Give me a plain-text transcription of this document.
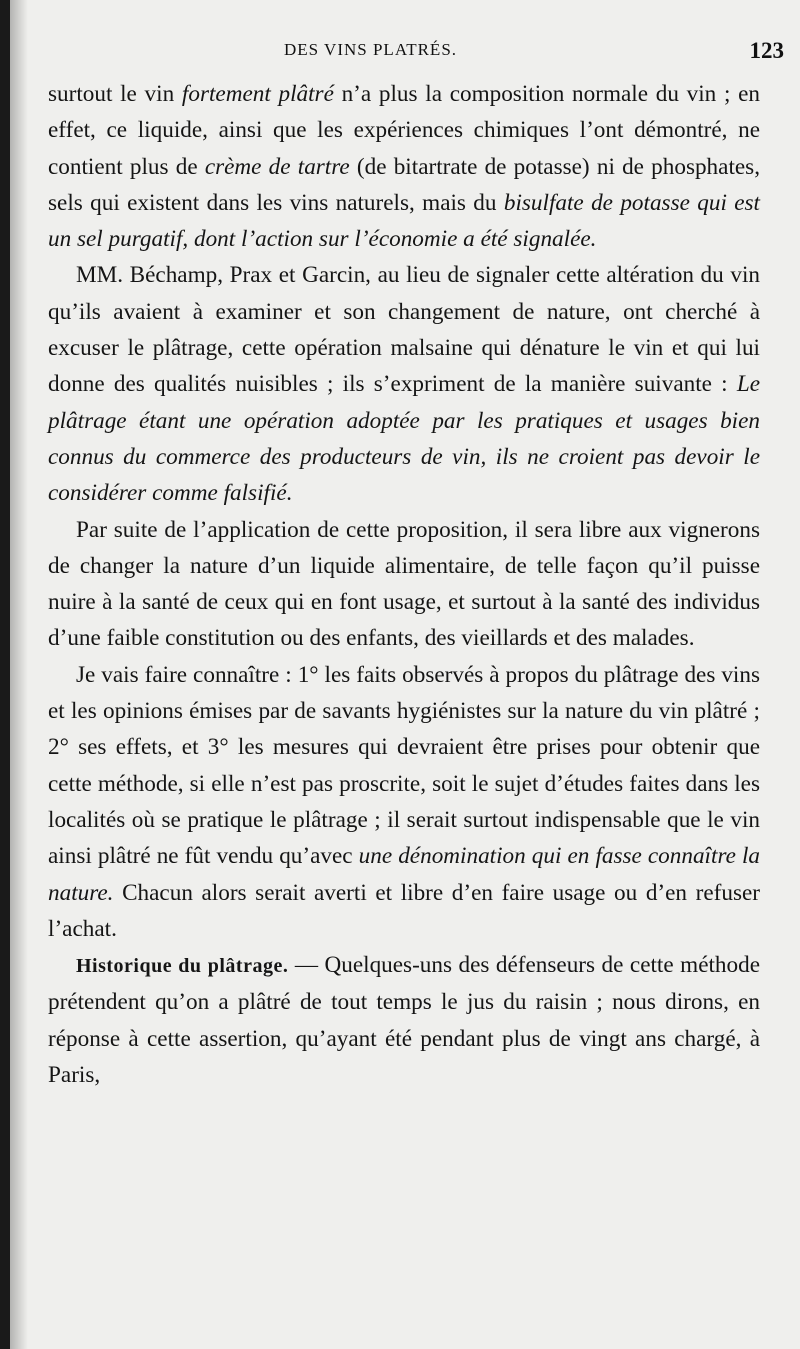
DES VINS PLATRÉS.	123

surtout le vin fortement plâtré n’a plus la composition normale du vin ; en effet, ce liquide, ainsi que les expériences chimiques l’ont démontré, ne contient plus de crème de tartre (de bitartrate de potasse) ni de phosphates, sels qui existent dans les vins naturels, mais du bisulfate de potasse qui est un sel purgatif, dont l’action sur l’économie a été signalée.

MM. Béchamp, Prax et Garcin, au lieu de signaler cette altération du vin qu’ils avaient à examiner et son changement de nature, ont cherché à excuser le plâtrage, cette opération malsaine qui dénature le vin et qui lui donne des qualités nuisibles ; ils s’expriment de la manière suivante : Le plâtrage étant une opération adoptée par les pratiques et usages bien connus du commerce des producteurs de vin, ils ne croient pas devoir le considérer comme falsifié.

Par suite de l’application de cette proposition, il sera libre aux vignerons de changer la nature d’un liquide alimentaire, de telle façon qu’il puisse nuire à la santé de ceux qui en font usage, et surtout à la santé des individus d’une faible constitution ou des enfants, des vieillards et des malades.

Je vais faire connaître : 1° les faits observés à propos du plâtrage des vins et les opinions émises par de savants hygiénistes sur la nature du vin plâtré ; 2° ses effets, et 3° les mesures qui devraient être prises pour obtenir que cette méthode, si elle n’est pas proscrite, soit le sujet d’études faites dans les localités où se pratique le plâtrage ; il serait surtout indispensable que le vin ainsi plâtré ne fût vendu qu’avec une dénomination qui en fasse connaître la nature. Chacun alors serait averti et libre d’en faire usage ou d’en refuser l’achat.

Historique du plâtrage. — Quelques-uns des défenseurs de cette méthode prétendent qu’on a plâtré de tout temps le jus du raisin ; nous dirons, en réponse à cette assertion, qu’ayant été pendant plus de vingt ans chargé, à Paris,
